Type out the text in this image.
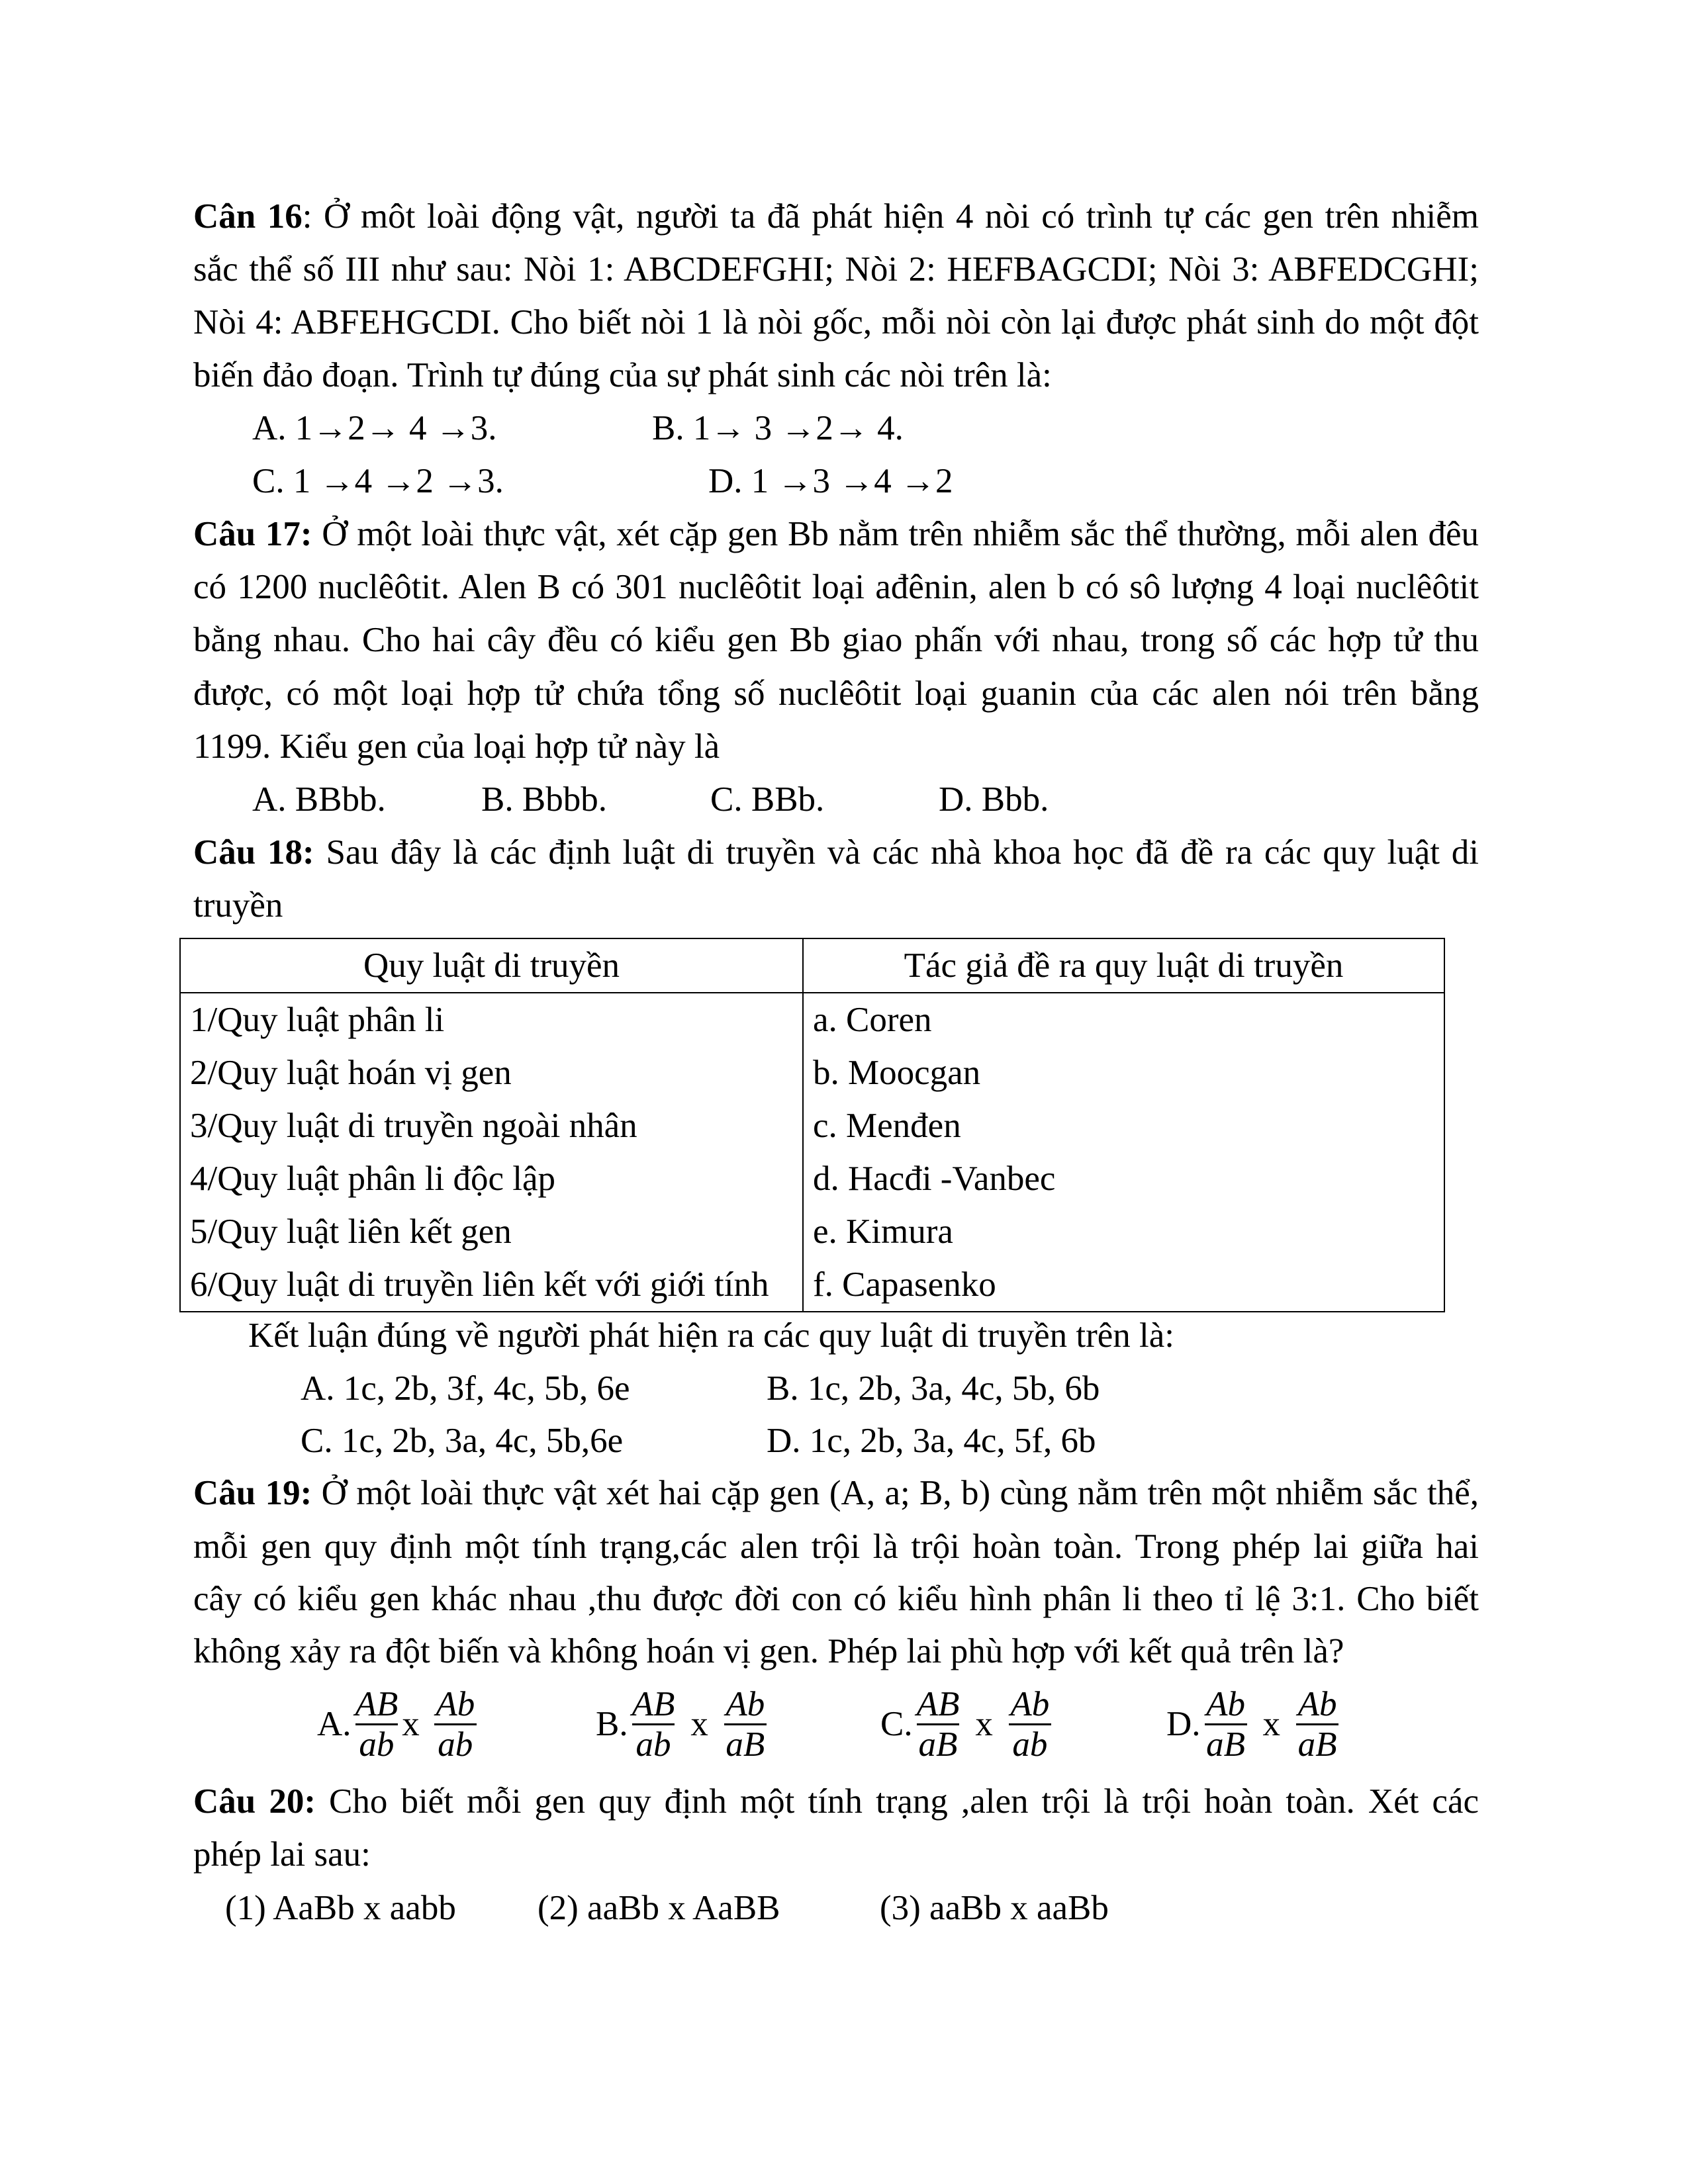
Cân 16: Ở môt loài động vật, người ta đã phát hiện 4 nòi có trình tự các gen trên nhiễm
sắc thể số III như sau: Nòi 1: ABCDEFGHI; Nòi 2: HEFBAGCDI; Nòi 3: ABFEDCGHI;
Nòi 4: ABFEHGCDI. Cho biết nòi 1 là nòi gốc, mỗi nòi còn lại được phát sinh do một đột
biến đảo đoạn. Trình tự đúng của sự phát sinh các nòi trên là:
A. 1→2→ 4 →3.	B. 1→ 3 →2→ 4.
C. 1 →4 →2 →3.	D. 1 →3 →4 →2
Câu 17: Ở một loài thực vật, xét cặp gen Bb nằm trên nhiễm sắc thể thường, mỗi alen đêu
có 1200 nuclêôtit. Alen B có 301 nuclêôtit loại ađênin, alen b có sô lượng 4 loại nuclêôtit
bằng nhau. Cho hai cây đều có kiểu gen Bb giao phấn với nhau, trong số các hợp tử thu
được, có một loại hợp tử chứa tổng số nuclêôtit loại guanin của các alen nói trên bằng
1199. Kiểu gen của loại hợp tử này là
A. BBbb.	B. Bbbb.	C. BBb.	D. Bbb.
Câu 18: Sau đây là các định luật di truyền và các nhà khoa học đã đề ra các quy luật di
truyền
Quy luật di truyền	Tác giả đề ra quy luật di truyền
1/Quy luật phân li	a. Coren
2/Quy luật hoán vị gen	b. Moocgan
3/Quy luật di truyền ngoài nhân	c. Menđen
4/Quy luật phân li độc lập	d. Hacđi -Vanbec
5/Quy luật liên kết gen	e. Kimura
6/Quy luật di truyền liên kết với giới tính	f. Capasenko
Kết luận đúng về người phát hiện ra các quy luật di truyền trên là:
A. 1c, 2b, 3f, 4c, 5b, 6e	B. 1c, 2b, 3a, 4c, 5b, 6b
C. 1c, 2b, 3a, 4c, 5b,6e	D. 1c, 2b, 3a, 4c, 5f, 6b
Câu 19: Ở một loài thực vật xét hai cặp gen (A, a; B, b) cùng nằm trên một nhiễm sắc thể,
mỗi gen quy định một tính trạng,các alen trội là trội hoàn toàn. Trong phép lai giữa hai
cây có kiểu gen khác nhau ,thu được đời con có kiểu hình phân li theo tỉ lệ 3:1. Cho biết
không xảy ra đột biến và không hoán vị gen. Phép lai phù hợp với kết quả trên là?
A. $\frac{AB}{ab}$ x $\frac{Ab}{ab}$	B. $\frac{AB}{ab}$ x $\frac{Ab}{aB}$	C. $\frac{AB}{aB}$ x $\frac{Ab}{ab}$	D. $\frac{Ab}{aB}$ x $\frac{Ab}{aB}$
Câu 20: Cho biết mỗi gen quy định một tính trạng ,alen trội là trội hoàn toàn. Xét các
phép lai sau:
(1) AaBb x aabb (2) aaBb x AaBB	(3) aaBb x aaBb
